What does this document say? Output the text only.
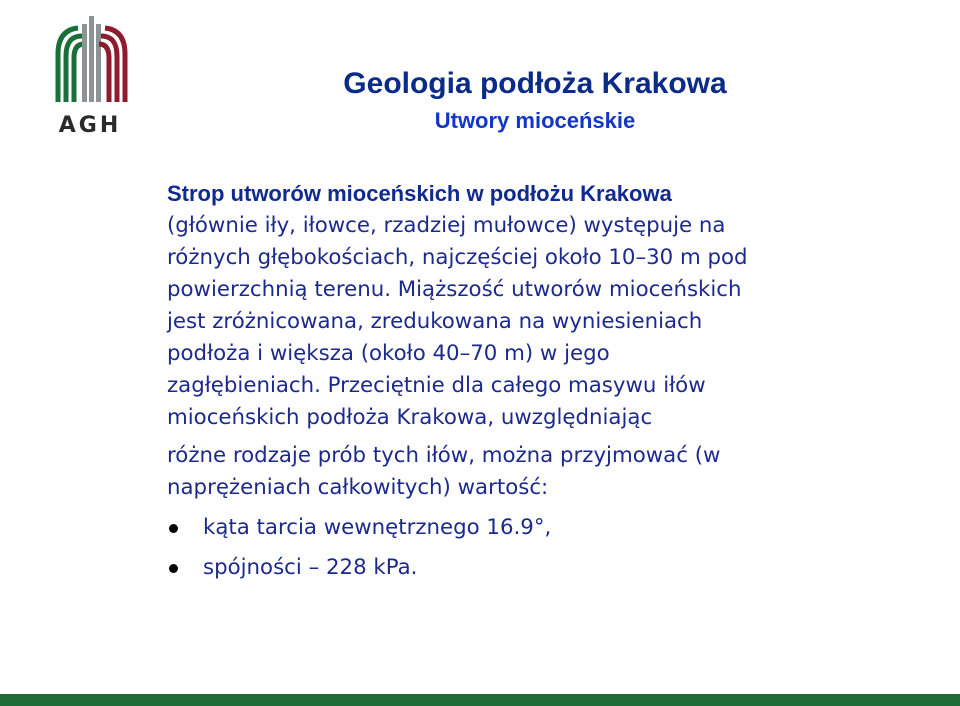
AGH
Geologia podłoża Krakowa
Utwory mioceńskie
Strop utworów mioceńskich w podłożu Krakowa
(głównie iły, iłowce, rzadziej mułowce) występuje na
różnych głębokościach, najczęściej około 10–30 m pod
powierzchnią terenu. Miąższość utworów mioceńskich
jest zróżnicowana, zredukowana na wyniesieniach
podłoża i większa (około 40–70 m) w jego
zagłębieniach. Przeciętnie dla całego masywu iłów
mioceńskich podłoża Krakowa, uwzględniając
różne rodzaje prób tych iłów, można przyjmować (w
naprężeniach całkowitych) wartość:
kąta tarcia wewnętrznego 16.9°,
spójności – 228 kPa.
